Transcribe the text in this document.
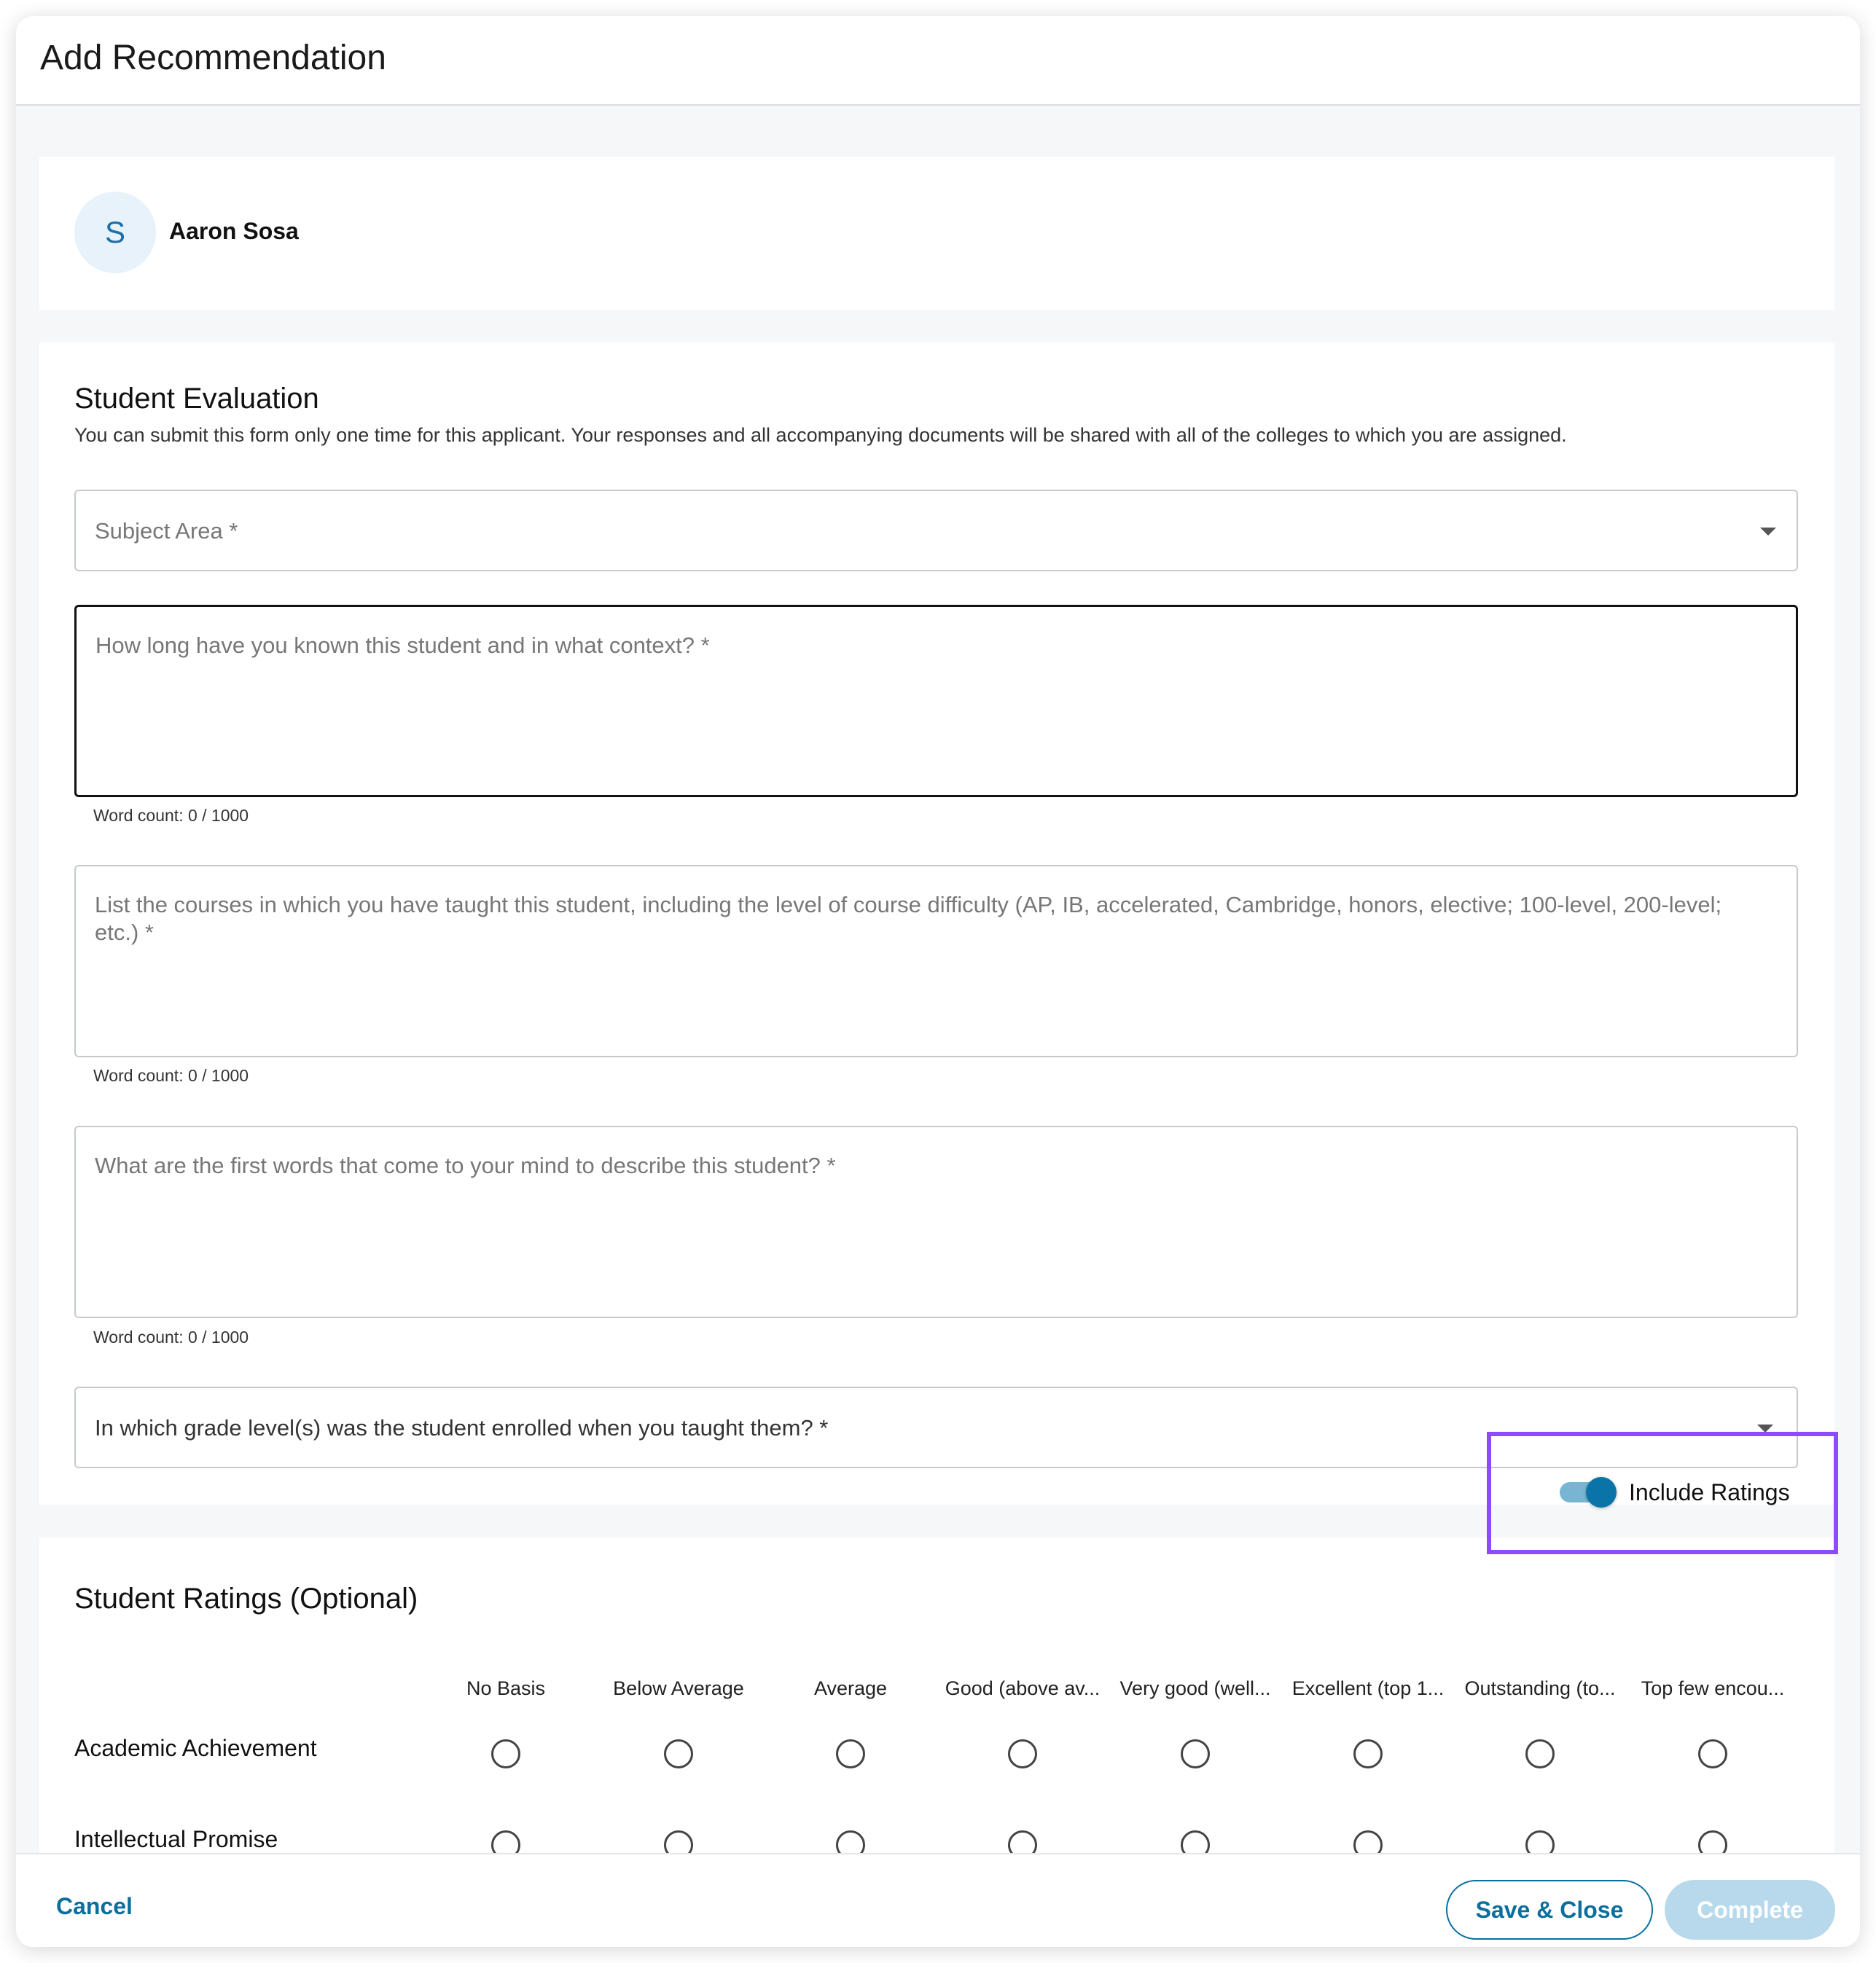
Add Recommendation
S	Aaron Sosa
Student Evaluation
You can submit this form only one time for this applicant. Your responses and all accompanying documents will be shared with all of the colleges to which you are assigned.
Subject Area *
How long have you known this student and in what context? *
Word count: 0 / 1000
List the courses in which you have taught this student, including the level of course difficulty (AP, IB, accelerated, Cambridge, honors, elective; 100-level, 200-level; etc.) *
Word count: 0 / 1000
What are the first words that come to your mind to describe this student? *
Word count: 0 / 1000
In which grade level(s) was the student enrolled when you taught them? *
Student Ratings (Optional)
Include Ratings
No Basis	Below Average	Average	Good (above av...	Very good (well...	Excellent (top 1...	Outstanding (to...	Top few encou...
Academic Achievement
Intellectual Promise
Cancel	Save & Close	Complete
